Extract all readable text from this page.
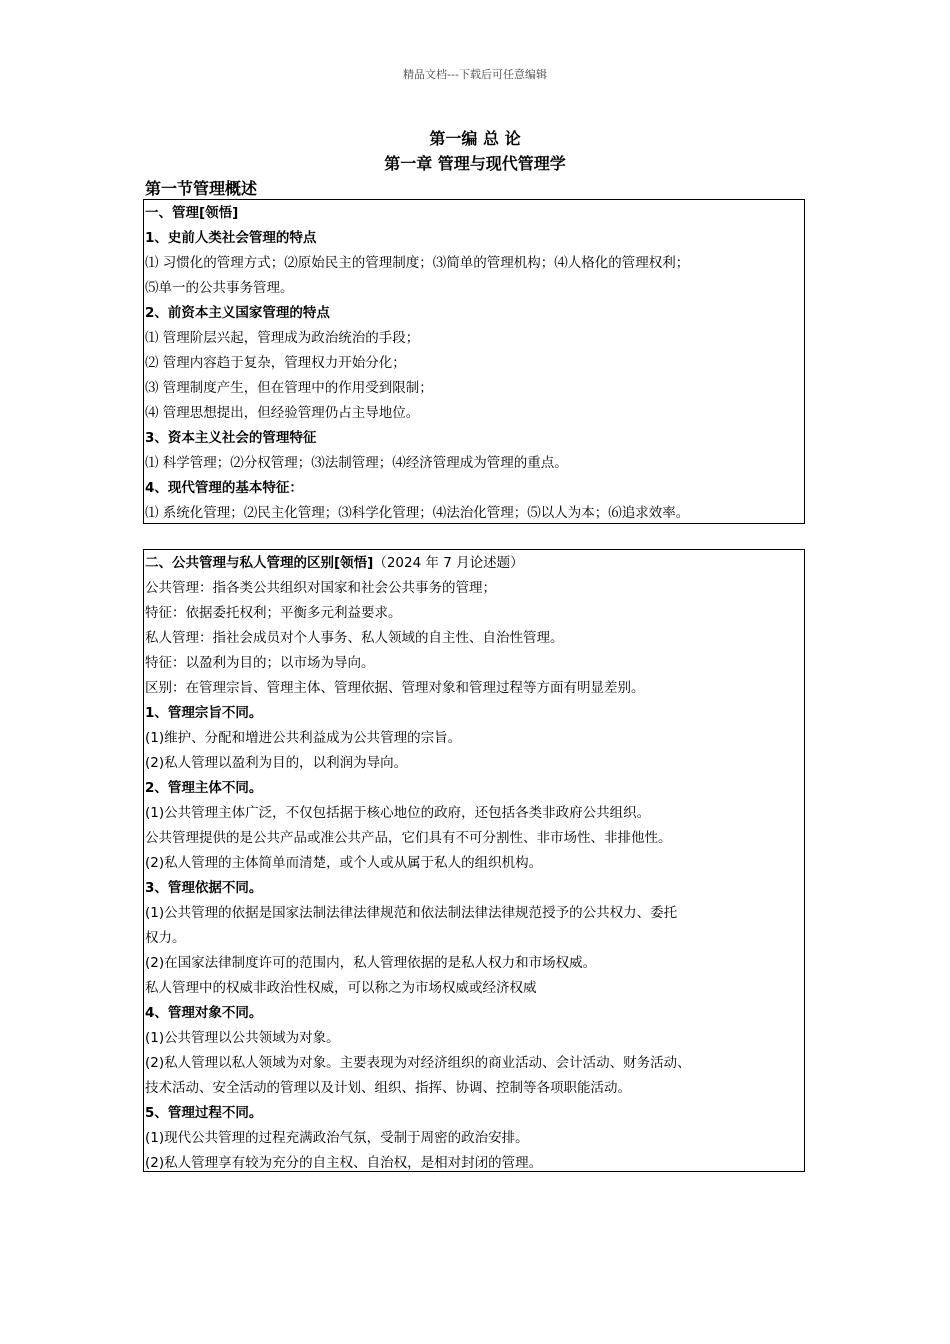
精品文档---下载后可任意编辑
第一编 总 论
第一章 管理与现代管理学
第一节管理概述
一、管理[领悟]
1、史前人类社会管理的特点
⑴ 习惯化的管理方式；⑵原始民主的管理制度；⑶简单的管理机构；⑷人格化的管理权利；
⑸单一的公共事务管理。
2、前资本主义国家管理的特点
⑴ 管理阶层兴起，管理成为政治统治的手段；
⑵ 管理内容趋于复杂，管理权力开始分化；
⑶ 管理制度产生，但在管理中的作用受到限制；
⑷ 管理思想提出，但经验管理仍占主导地位。
3、资本主义社会的管理特征
⑴ 科学管理；⑵分权管理；⑶法制管理；⑷经济管理成为管理的重点。
4、现代管理的基本特征：
⑴ 系统化管理；⑵民主化管理；⑶科学化管理；⑷法治化管理；⑸以人为本；⑹追求效率。
二、公共管理与私人管理的区别[领悟]（2024 年 7 月论述题）
公共管理：指各类公共组织对国家和社会公共事务的管理；
特征：依据委托权利；平衡多元利益要求。
私人管理：指社会成员对个人事务、私人领域的自主性、自治性管理。
特征：以盈利为目的；以市场为导向。
区别：在管理宗旨、管理主体、管理依据、管理对象和管理过程等方面有明显差别。
1、管理宗旨不同。
(1)维护、分配和增进公共利益成为公共管理的宗旨。
(2)私人管理以盈利为目的，以利润为导向。
2、管理主体不同。
(1)公共管理主体广泛，不仅包括据于核心地位的政府，还包括各类非政府公共组织。
公共管理提供的是公共产品或准公共产品，它们具有不可分割性、非市场性、非排他性。
(2)私人管理的主体简单而清楚，或个人或从属于私人的组织机构。
3、管理依据不同。
(1)公共管理的依据是国家法制法律法律规范和依法制法律法律规范授予的公共权力、委托
权力。
(2)在国家法律制度许可的范围内，私人管理依据的是私人权力和市场权威。
私人管理中的权威非政治性权威，可以称之为市场权威或经济权威
4、管理对象不同。
(1)公共管理以公共领域为对象。
(2)私人管理以私人领域为对象。主要表现为对经济组织的商业活动、会计活动、财务活动、
技术活动、安全活动的管理以及计划、组织、指挥、协调、控制等各项职能活动。
5、管理过程不同。
(1)现代公共管理的过程充满政治气氛，受制于周密的政治安排。
(2)私人管理享有较为充分的自主权、自治权，是相对封闭的管理。
